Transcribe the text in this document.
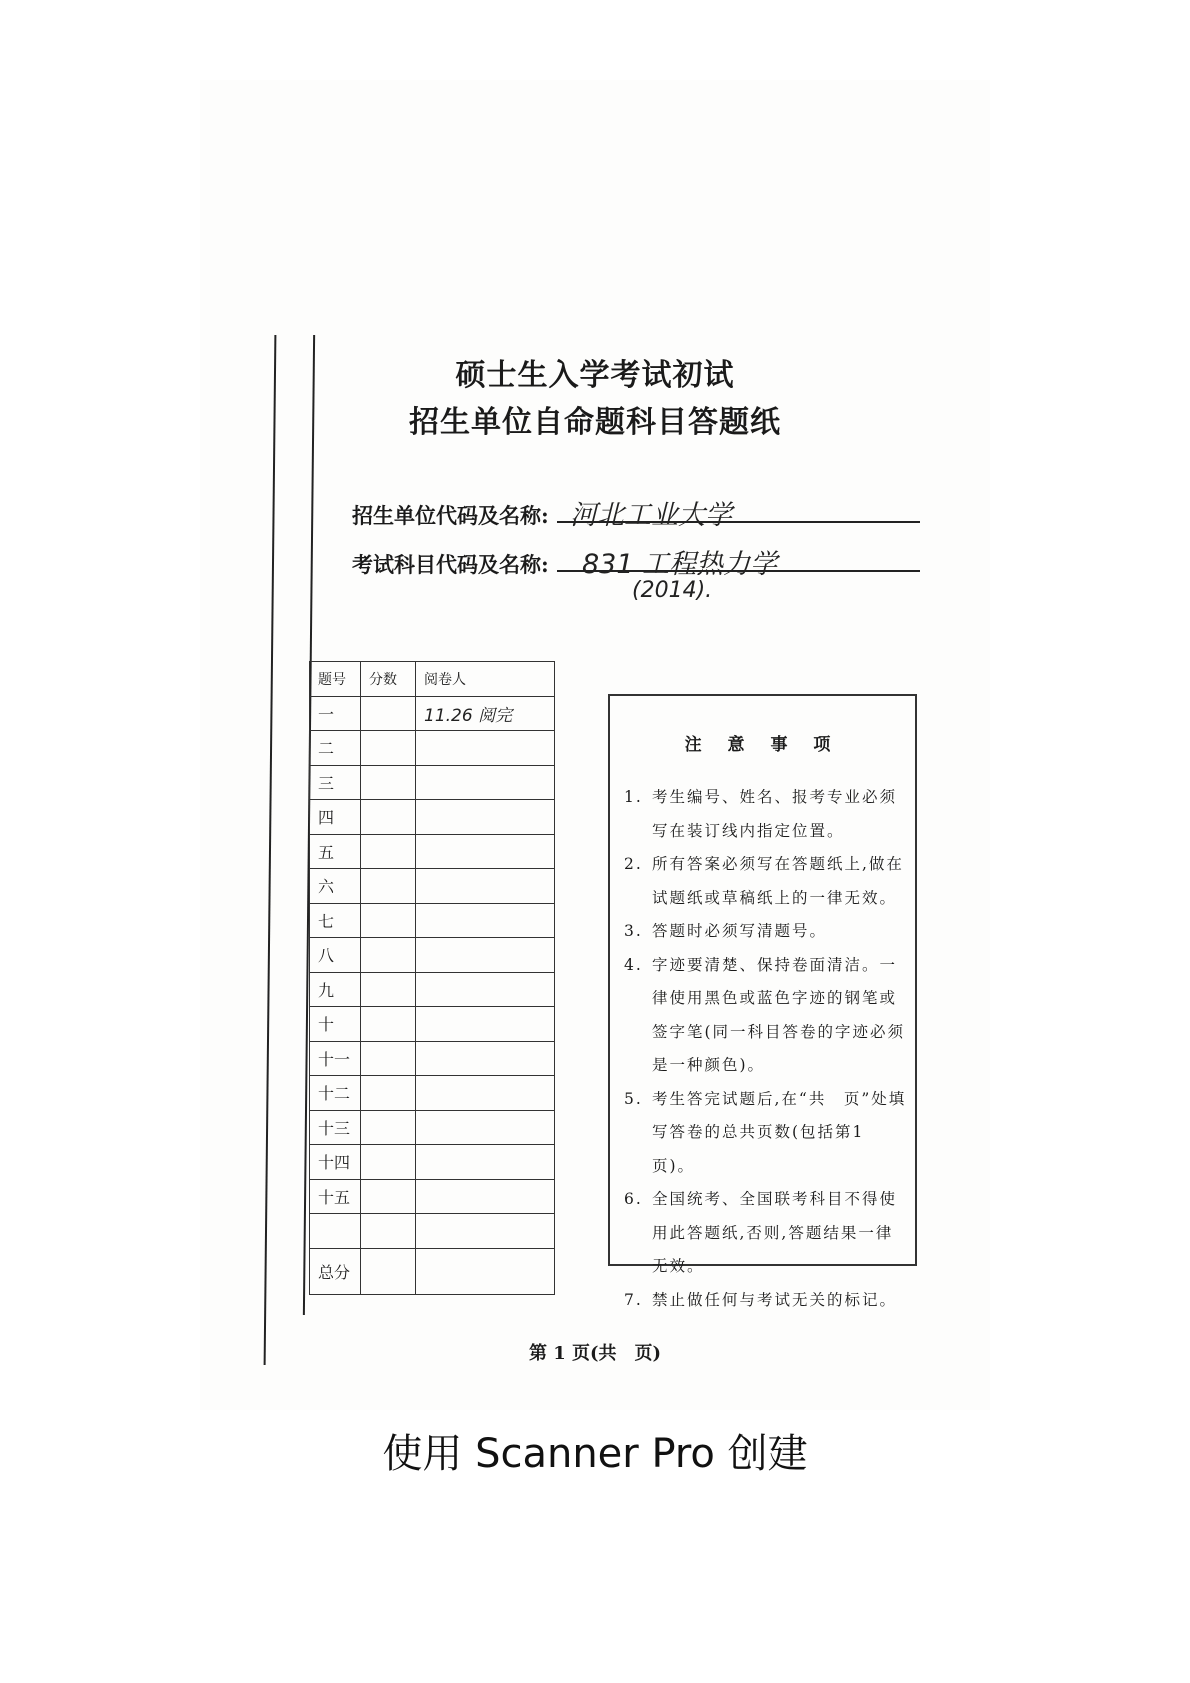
硕士生入学考试初试
招生单位自命题科目答题纸
招生单位代码及名称: 河北工业大学
考试科目代码及名称: 831 工程热力学
(2014).
题号	分数	阅卷人
一		11.26 阅完
二		
三		
四		
五		
六		
七		
八		
九		
十		
十一		
十二		
十三		
十四		
十五		

总分		
注 意 事 项
1. 考生编号、姓名、报考专业必须写在装订线内指定位置。
2. 所有答案必须写在答题纸上,做在试题纸或草稿纸上的一律无效。
3. 答题时必须写清题号。
4. 字迹要清楚、保持卷面清洁。一律使用黑色或蓝色字迹的钢笔或签字笔(同一科目答卷的字迹必须是一种颜色)。
5. 考生答完试题后,在“共　页”处填写答卷的总共页数(包括第1页)。
6. 全国统考、全国联考科目不得使用此答题纸,否则,答题结果一律无效。
7. 禁止做任何与考试无关的标记。
第 1 页(共　页)
使用 Scanner Pro 创建
